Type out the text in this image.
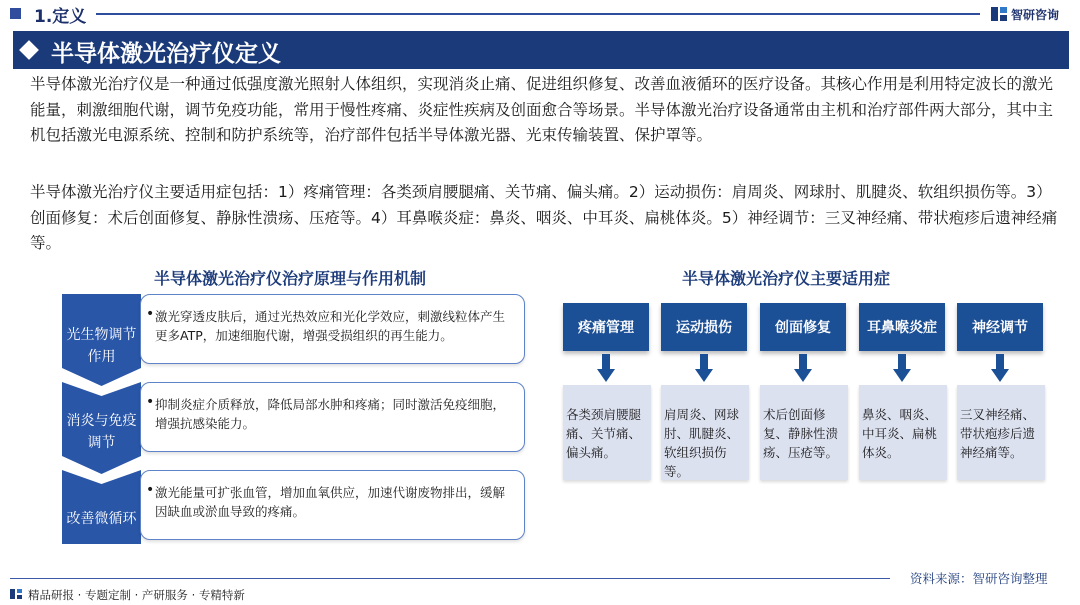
1.定义	智研咨询
半导体激光治疗仪定义
半导体激光治疗仪是一种通过低强度激光照射人体组织，实现消炎止痛、促进组织修复、改善血液循环的医疗设备。其核心作用是利用特定波长的激光能量，刺激细胞代谢，调节免疫功能，常用于慢性疼痛、炎症性疾病及创面愈合等场景。半导体激光治疗设备通常由主机和治疗部件两大部分，其中主机包括激光电源系统、控制和防护系统等，治疗部件包括半导体激光器、光束传输装置、保护罩等。
半导体激光治疗仪主要适用症包括：1）疼痛管理：各类颈肩腰腿痛、关节痛、偏头痛。2）运动损伤：肩周炎、网球肘、肌腱炎、软组织损伤等。3）创面修复：术后创面修复、静脉性溃疡、压疮等。4）耳鼻喉炎症：鼻炎、咽炎、中耳炎、扁桃体炎。5）神经调节：三叉神经痛、带状疱疹后遗神经痛等。
半导体激光治疗仪治疗原理与作用机制
光生物调节
作用
• 激光穿透皮肤后，通过光热效应和光化学效应，刺激线粒体产生更多ATP，加速细胞代谢，增强受损组织的再生能力。
消炎与免疫
调节
• 抑制炎症介质释放，降低局部水肿和疼痛；同时激活免疫细胞，增强抗感染能力。
改善微循环
• 激光能量可扩张血管，增加血氧供应，加速代谢废物排出，缓解因缺血或淤血导致的疼痛。
半导体激光治疗仪主要适用症
疼痛管理
各类颈肩腰腿痛、关节痛、偏头痛。
运动损伤
肩周炎、网球肘、肌腱炎、软组织损伤等。
创面修复
术后创面修复、静脉性溃疡、压疮等。
耳鼻喉炎症
鼻炎、咽炎、中耳炎、扁桃体炎。
神经调节
三叉神经痛、带状疱疹后遗神经痛等。
资料来源：智研咨询整理
精品研报 · 专题定制 · 产研服务 · 专精特新
